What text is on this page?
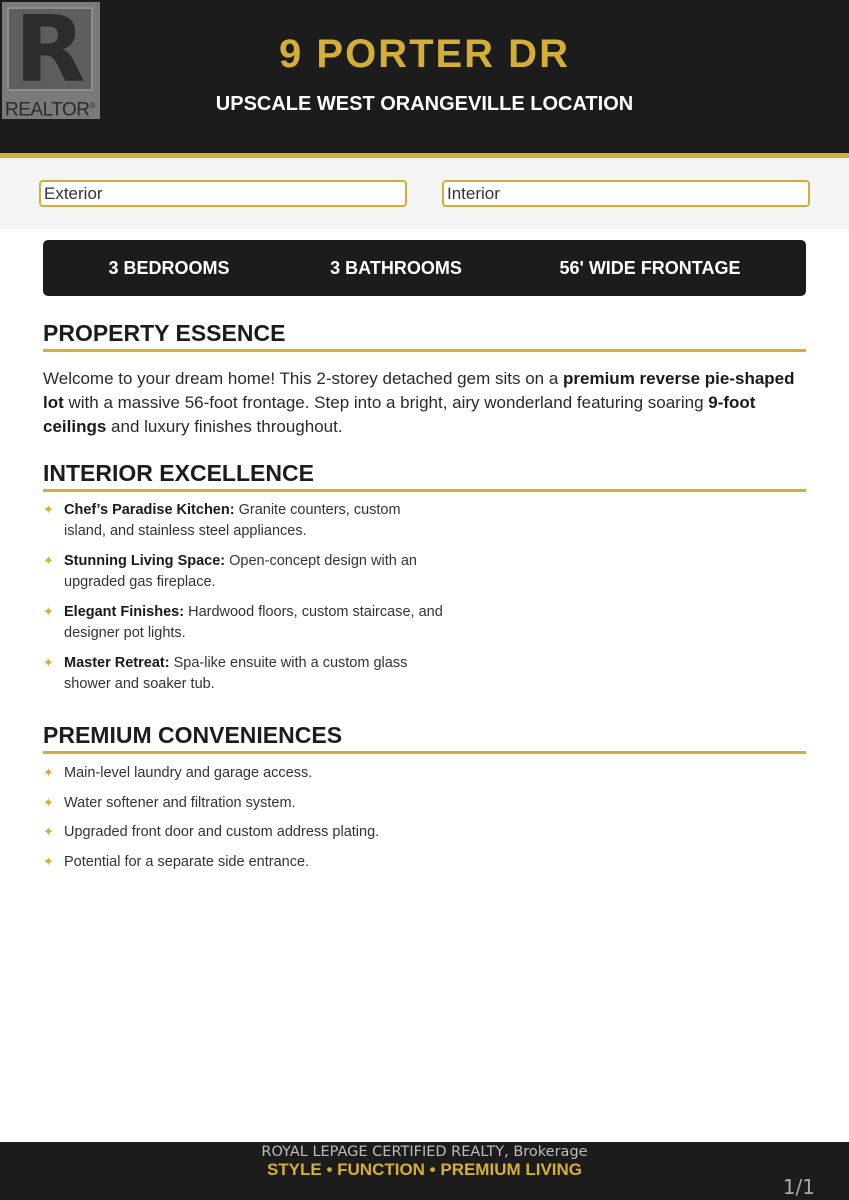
R
REALTOR®
9 PORTER DR
UPSCALE WEST ORANGEVILLE LOCATION
Exterior	Interior
3 BEDROOMS	3 BATHROOMS	56' WIDE FRONTAGE
PROPERTY ESSENCE

Welcome to your dream home! This 2-storey detached gem sits on a premium reverse pie-shaped lot with a massive 56-foot frontage. Step into a bright, airy wonderland featuring soaring 9-foot ceilings and luxury finishes throughout.

INTERIOR EXCELLENCE
✦ Chef’s Paradise Kitchen: Granite counters, custom island, and stainless steel appliances.
✦ Stunning Living Space: Open-concept design with an upgraded gas fireplace.
✦ Elegant Finishes: Hardwood floors, custom staircase, and designer pot lights.
✦ Master Retreat: Spa-like ensuite with a custom glass shower and soaker tub.
PREMIUM CONVENIENCES
✦ Main-level laundry and garage access.
✦ Water softener and filtration system.
✦ Upgraded front door and custom address plating.
✦ Potential for a separate side entrance.
ROYAL LEPAGE CERTIFIED REALTY, Brokerage
STYLE • FUNCTION • PREMIUM LIVING
1/1
